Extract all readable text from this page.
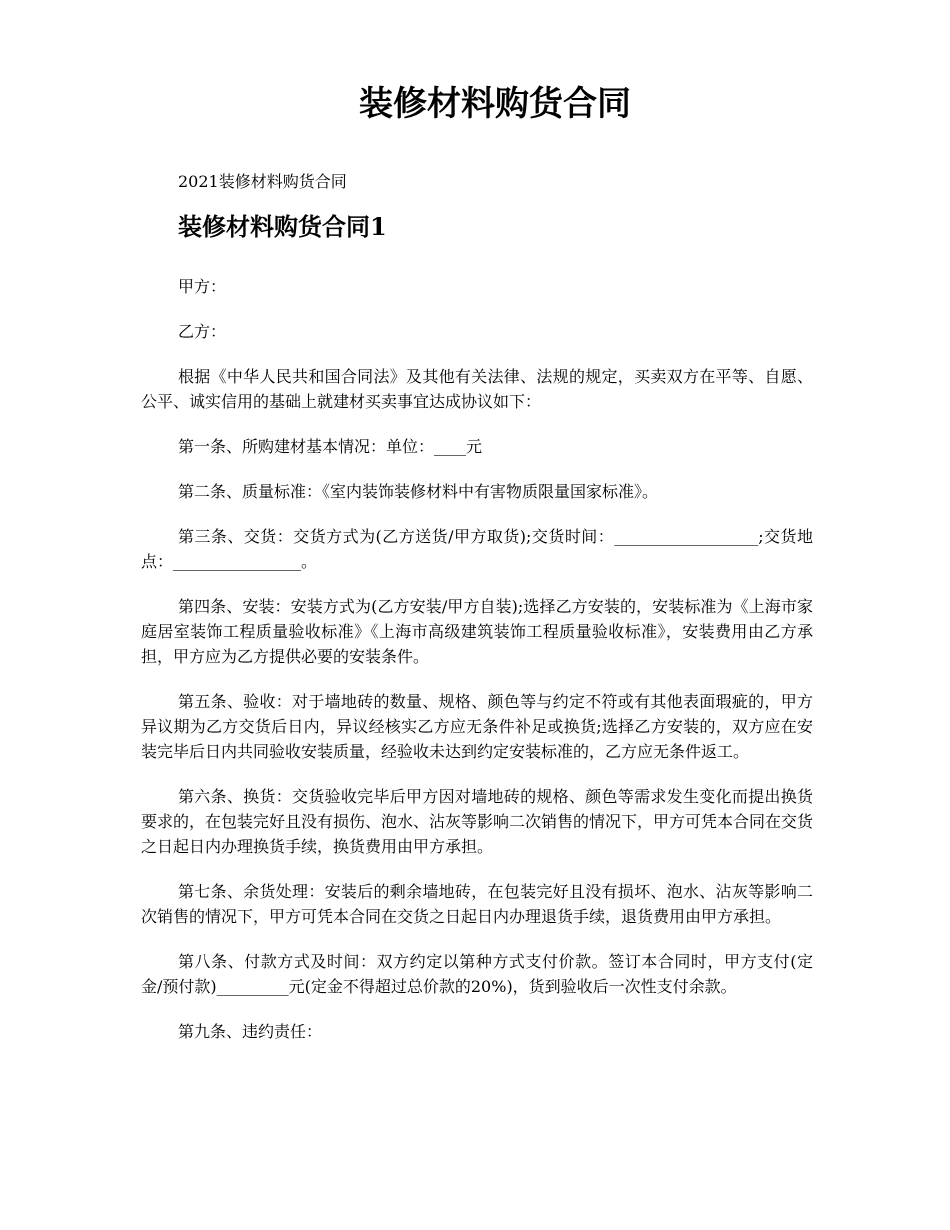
装修材料购货合同

2021装修材料购货合同

装修材料购货合同1

甲方：

乙方：

根据《中华人民共和国合同法》及其他有关法律、法规的规定，买卖双方在平等、自愿、公平、诚实信用的基础上就建材买卖事宜达成协议如下：

第一条、所购建材基本情况：单位：____元

第二条、质量标准：《室内装饰装修材料中有害物质限量国家标准》。

第三条、交货：交货方式为(乙方送货/甲方取货);交货时间：__________________;交货地点：________________。

第四条、安装：安装方式为(乙方安装/甲方自装);选择乙方安装的，安装标准为《上海市家庭居室装饰工程质量验收标准》《上海市高级建筑装饰工程质量验收标准》，安装费用由乙方承担，甲方应为乙方提供必要的安装条件。

第五条、验收：对于墙地砖的数量、规格、颜色等与约定不符或有其他表面瑕疵的，甲方异议期为乙方交货后日内，异议经核实乙方应无条件补足或换货;选择乙方安装的，双方应在安装完毕后日内共同验收安装质量，经验收未达到约定安装标准的，乙方应无条件返工。

第六条、换货：交货验收完毕后甲方因对墙地砖的规格、颜色等需求发生变化而提出换货要求的，在包装完好且没有损伤、泡水、沾灰等影响二次销售的情况下，甲方可凭本合同在交货之日起日内办理换货手续，换货费用由甲方承担。

第七条、余货处理：安装后的剩余墙地砖，在包装完好且没有损坏、泡水、沾灰等影响二次销售的情况下，甲方可凭本合同在交货之日起日内办理退货手续，退货费用由甲方承担。

第八条、付款方式及时间：双方约定以第种方式支付价款。签订本合同时，甲方支付(定金/预付款)_________元(定金不得超过总价款的20%)，货到验收后一次性支付余款。

第九条、违约责任：
